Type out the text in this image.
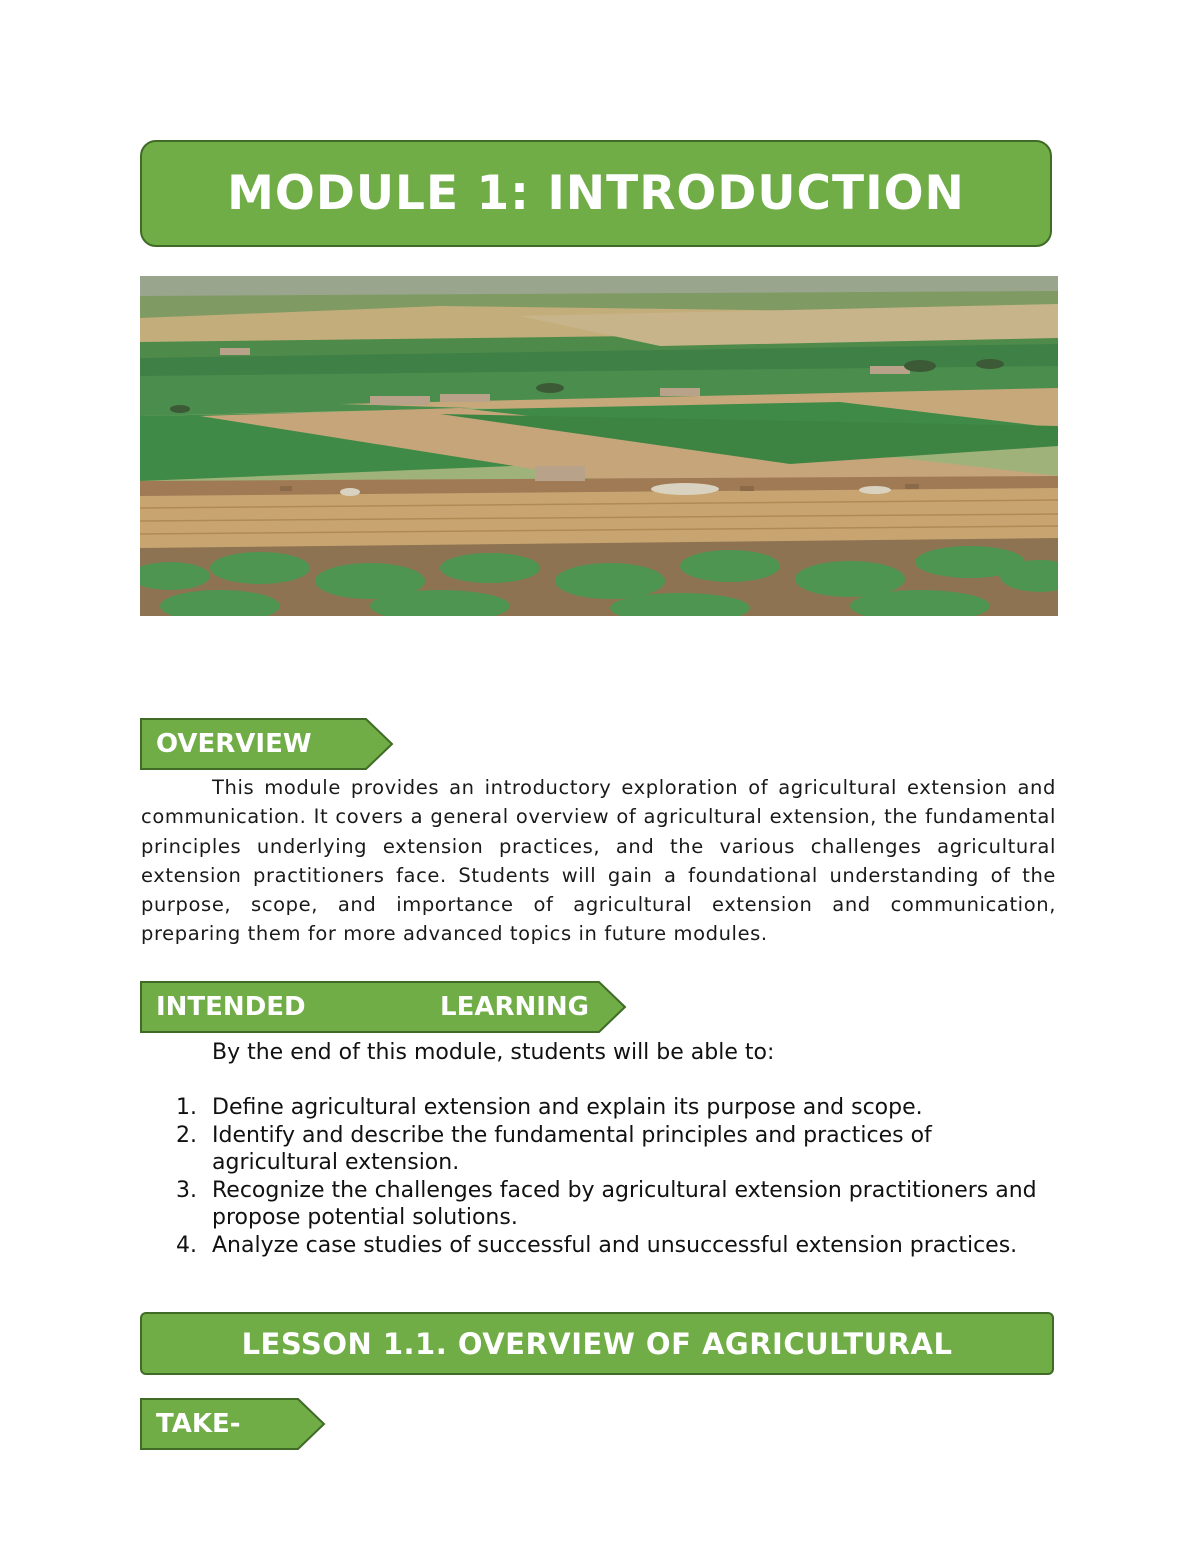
MODULE 1: INTRODUCTION
OVERVIEW

This module provides an introductory exploration of agricultural extension and communication. It covers a general overview of agricultural extension, the fundamental principles underlying extension practices, and the various challenges agricultural extension practitioners face. Students will gain a foundational understanding of the purpose, scope, and importance of agricultural extension and communication, preparing them for more advanced topics in future modules.

INTENDED	LEARNING

By the end of this module, students will be able to:

1. Define agricultural extension and explain its purpose and scope.
2. Identify and describe the fundamental principles and practices of agricultural extension.
3. Recognize the challenges faced by agricultural extension practitioners and propose potential solutions.
4. Analyze case studies of successful and unsuccessful extension practices.
LESSON 1.1. OVERVIEW OF AGRICULTURAL
TAKE-
